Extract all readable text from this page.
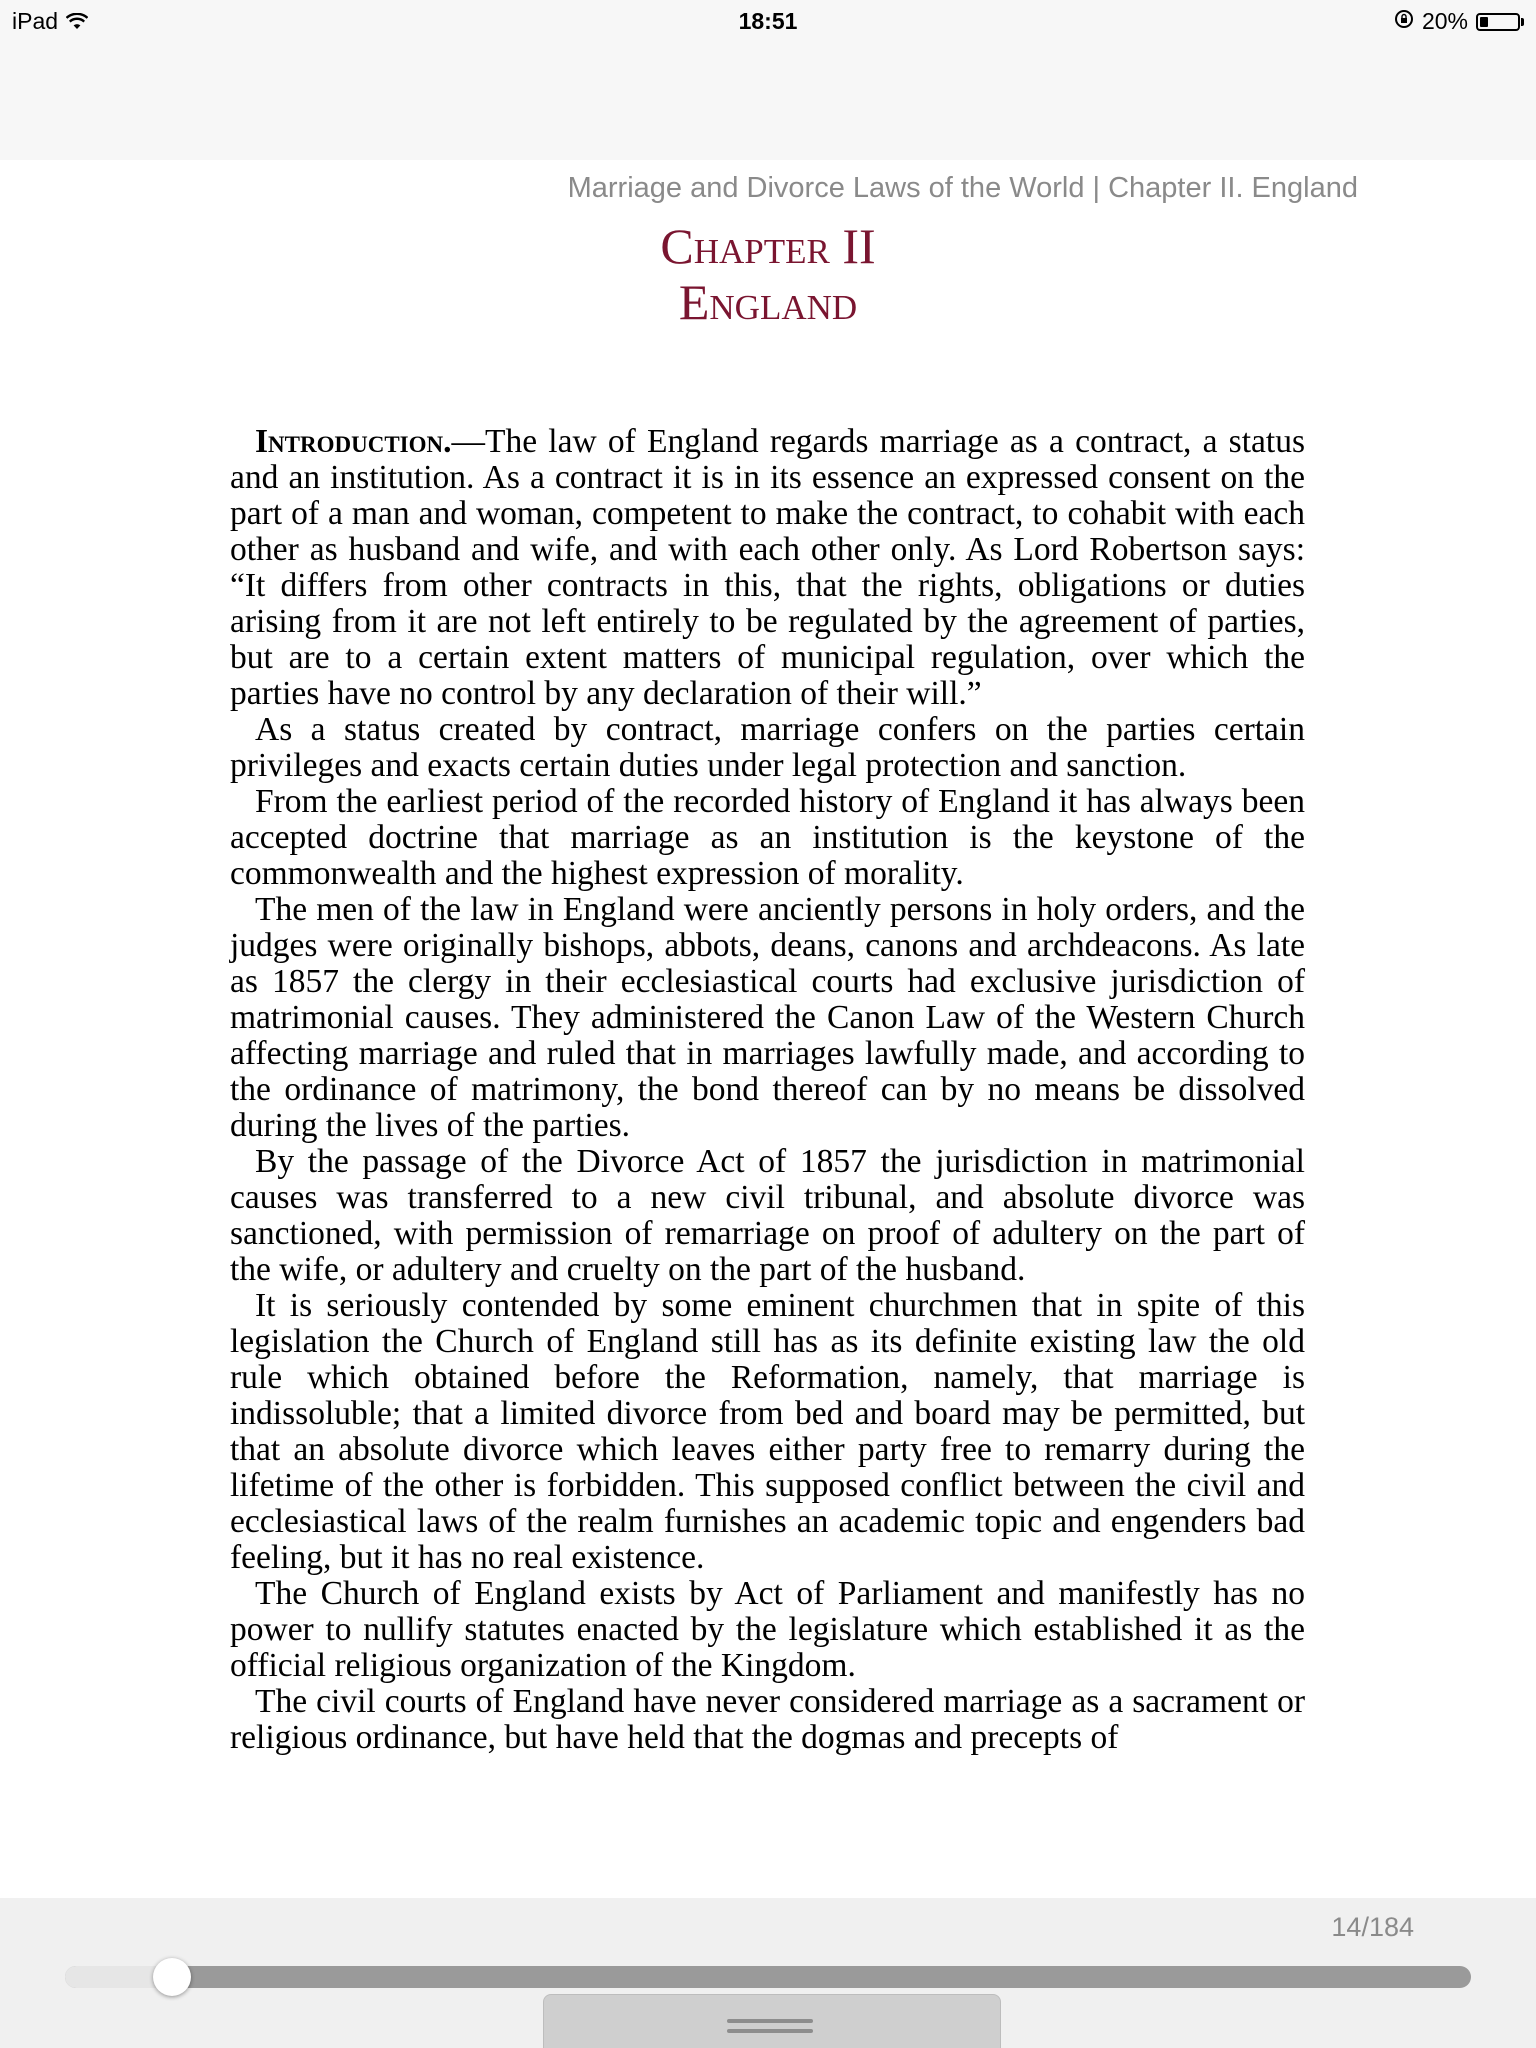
iPad	18:51	20%
Marriage and Divorce Laws of the World | Chapter II. England
Chapter II
England

Introduction.—The law of England regards marriage as a contract, a status and an institution. As a contract it is in its essence an expressed consent on the part of a man and woman, competent to make the contract, to cohabit with each other as husband and wife, and with each other only. As Lord Robertson says: “It differs from other contracts in this, that the rights, obligations or duties arising from it are not left entirely to be regulated by the agreement of parties, but are to a certain extent matters of municipal regulation, over which the parties have no control by any declaration of their will.”

As a status created by contract, marriage confers on the parties certain privileges and exacts certain duties under legal protection and sanction.

From the earliest period of the recorded history of England it has always been accepted doctrine that marriage as an institution is the keystone of the commonwealth and the highest expression of morality.

The men of the law in England were anciently persons in holy orders, and the judges were originally bishops, abbots, deans, canons and archdeacons. As late as 1857 the clergy in their ecclesiastical courts had exclusive jurisdiction of matrimonial causes. They administered the Canon Law of the Western Church affecting marriage and ruled that in marriages lawfully made, and according to the ordinance of matrimony, the bond thereof can by no means be dissolved during the lives of the parties.

By the passage of the Divorce Act of 1857 the jurisdiction in matrimonial causes was transferred to a new civil tribunal, and absolute divorce was sanctioned, with permission of remarriage on proof of adultery on the part of the wife, or adultery and cruelty on the part of the husband.

It is seriously contended by some eminent churchmen that in spite of this legislation the Church of England still has as its definite existing law the old rule which obtained before the Reformation, namely, that marriage is indissoluble; that a limited divorce from bed and board may be permitted, but that an absolute divorce which leaves either party free to remarry during the lifetime of the other is forbidden. This supposed conflict between the civil and ecclesiastical laws of the realm furnishes an academic topic and engenders bad feeling, but it has no real existence.

The Church of England exists by Act of Parliament and manifestly has no power to nullify statutes enacted by the legislature which established it as the official religious organization of the Kingdom.

The civil courts of England have never considered marriage as a sacrament or religious ordinance, but have held that the dogmas and precepts of

14/184
